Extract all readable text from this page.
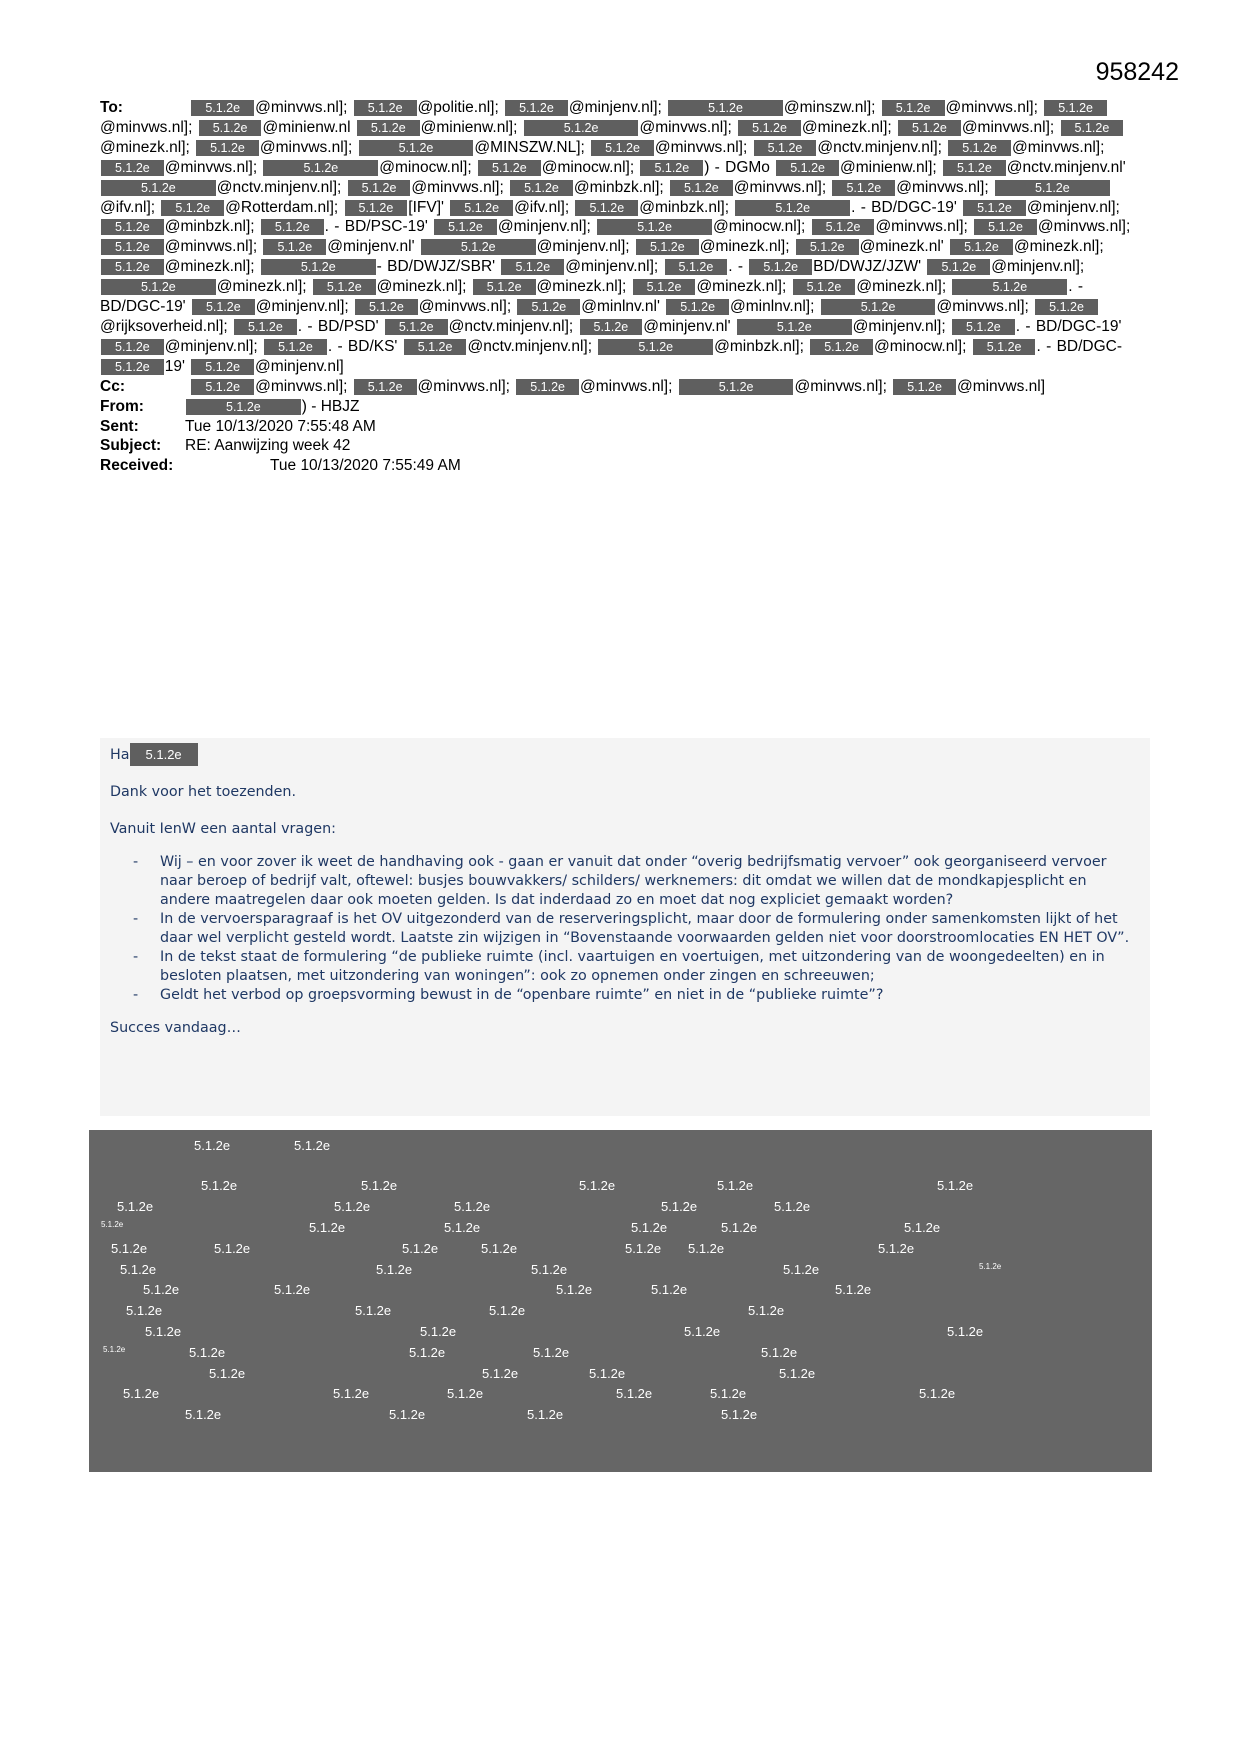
958242
To:	5.1.2e @minvws.nl]; 5.1.2e @politie.nl]; 5.1.2e @minjenv.nl];	5.1.2e	@minszw.nl]; 5.1.2e @minvws.nl]; 5.1.2e@minvws.nl]; 5.1.2e @minienw.nl 5.1.2e @minienw.nl];	5.1.2e	@minvws.nl]; 5.1.2e @minezk.nl]; 5.1.2e @minvws.nl]; 5.1.2e@minezk.nl]; 5.1.2e @minvws.nl];	5.1.2e	@MINSZW.NL]; 5.1.2e @minvws.nl]; 5.1.2e @nctv.minjenv.nl]; 5.1.2e @minvws.nl]; 5.1.2e @minvws.nl];	5.1.2e	@minocw.nl]; 5.1.2e @minocw.nl]; 5.1.2e ) - DGMo 5.1.2e @minienw.nl]; 5.1.2e @nctv.minjenv.nl' 5.1.2e	@nctv.minjenv.nl]; 5.1.2e @minvws.nl]; 5.1.2e @minbzk.nl]; 5.1.2e @minvws.nl]; 5.1.2e @minvws.nl];	5.1.2e@ifv.nl]; 5.1.2e @Rotterdam.nl]; 5.1.2e [IFV]' 5.1.2e @ifv.nl]; 5.1.2e @minbzk.nl];	5.1.2e	. - BD/DGC-19' 5.1.2e @minjenv.nl]; 5.1.2e @minbzk.nl]; 5.1.2e . - BD/PSC-19' 5.1.2e @minjenv.nl];	5.1.2e	@minocw.nl]; 5.1.2e @minvws.nl]; 5.1.2e @minvws.nl]; 5.1.2e @minvws.nl]; 5.1.2e @minjenv.nl'	5.1.2e	@minjenv.nl]; 5.1.2e @minezk.nl]; 5.1.2e @minezk.nl' 5.1.2e @minezk.nl]; 5.1.2e @minezk.nl];	5.1.2e	- BD/DWJZ/SBR' 5.1.2e @minjenv.nl]; 5.1.2e . - 5.1.2e BD/DWJZ/JZW' 5.1.2e @minjenv.nl]; 5.1.2e	@minezk.nl]; 5.1.2e @minezk.nl]; 5.1.2e @minezk.nl]; 5.1.2e @minezk.nl]; 5.1.2e @minezk.nl];	5.1.2e	. - BD/DGC-19' 5.1.2e @minjenv.nl]; 5.1.2e @minvws.nl]; 5.1.2e @minlnv.nl' 5.1.2e @minlnv.nl];	5.1.2e	@minvws.nl]; 5.1.2e@rijksoverheid.nl]; 5.1.2e . - BD/PSD' 5.1.2e @nctv.minjenv.nl]; 5.1.2e @minjenv.nl'	5.1.2e	@minjenv.nl]; 5.1.2e . - BD/DGC-19' 5.1.2e @minjenv.nl]; 5.1.2e . - BD/KS' 5.1.2e @nctv.minjenv.nl];	5.1.2e	@minbzk.nl]; 5.1.2e @minocw.nl]; 5.1.2e . - BD/DGC- 5.1.2e 19' 5.1.2e @minjenv.nl]
Cc:	5.1.2e @minvws.nl]; 5.1.2e @minvws.nl]; 5.1.2e @minvws.nl];	5.1.2e	@minvws.nl]; 5.1.2e @minvws.nl]
From:	5.1.2e	) - HBJZ
Sent:	Tue 10/13/2020 7:55:48 AM
Subject:	RE: Aanwijzing week 42
Received:	Tue 10/13/2020 7:55:49 AM

Ha 5.1.2e

Dank voor het toezenden.

Vanuit IenW een aantal vragen:

- Wij – en voor zover ik weet de handhaving ook - gaan er vanuit dat onder “overig bedrijfsmatig vervoer” ook georganiseerd vervoer naar beroep of bedrijf valt, oftewel: busjes bouwvakkers/ schilders/ werknemers: dit omdat we willen dat de mondkapjesplicht en andere maatregelen daar ook moeten gelden. Is dat inderdaad zo en moet dat nog expliciet gemaakt worden?
- In de vervoersparagraaf is het OV uitgezonderd van de reserveringsplicht, maar door de formulering onder samenkomsten lijkt of het daar wel verplicht gesteld wordt. Laatste zin wijzigen in “Bovenstaande voorwaarden gelden niet voor doorstroomlocaties EN HET OV”.
- In de tekst staat de formulering “de publieke ruimte (incl. vaartuigen en voertuigen, met uitzondering van de woongedeelten) en in besloten plaatsen, met uitzondering van woningen”: ook zo opnemen onder zingen en schreeuwen;
- Geldt het verbod op groepsvorming bewust in de “openbare ruimte” en niet in de “publieke ruimte”?

Succes vandaag…

5.1.2e	5.1.2e
5.1.2e	5.1.2e	5.1.2e	5.1.2e	5.1.2e
5.1.2e	5.1.2e	5.1.2e	5.1.2e	5.1.2e
5.1.2e	5.1.2e	5.1.2e	5.1.2e	5.1.2e	5.1.2e
5.1.2e	5.1.2e	5.1.2e	5.1.2e	5.1.2e 5.1.2e	5.1.2e
5.1.2e	5.1.2e	5.1.2e	5.1.2e	5.1.2e
5.1.2e	5.1.2e	5.1.2e	5.1.2e	5.1.2e
5.1.2e	5.1.2e	5.1.2e	5.1.2e
5.1.2e	5.1.2e	5.1.2e	5.1.2e
5.1.2e	5.1.2e	5.1.2e	5.1.2e	5.1.2e
5.1.2e	5.1.2e	5.1.2e	5.1.2e
5.1.2e	5.1.2e	5.1.2e	5.1.2e	5.1.2e	5.1.2e
5.1.2e	5.1.2e	5.1.2e	5.1.2e
